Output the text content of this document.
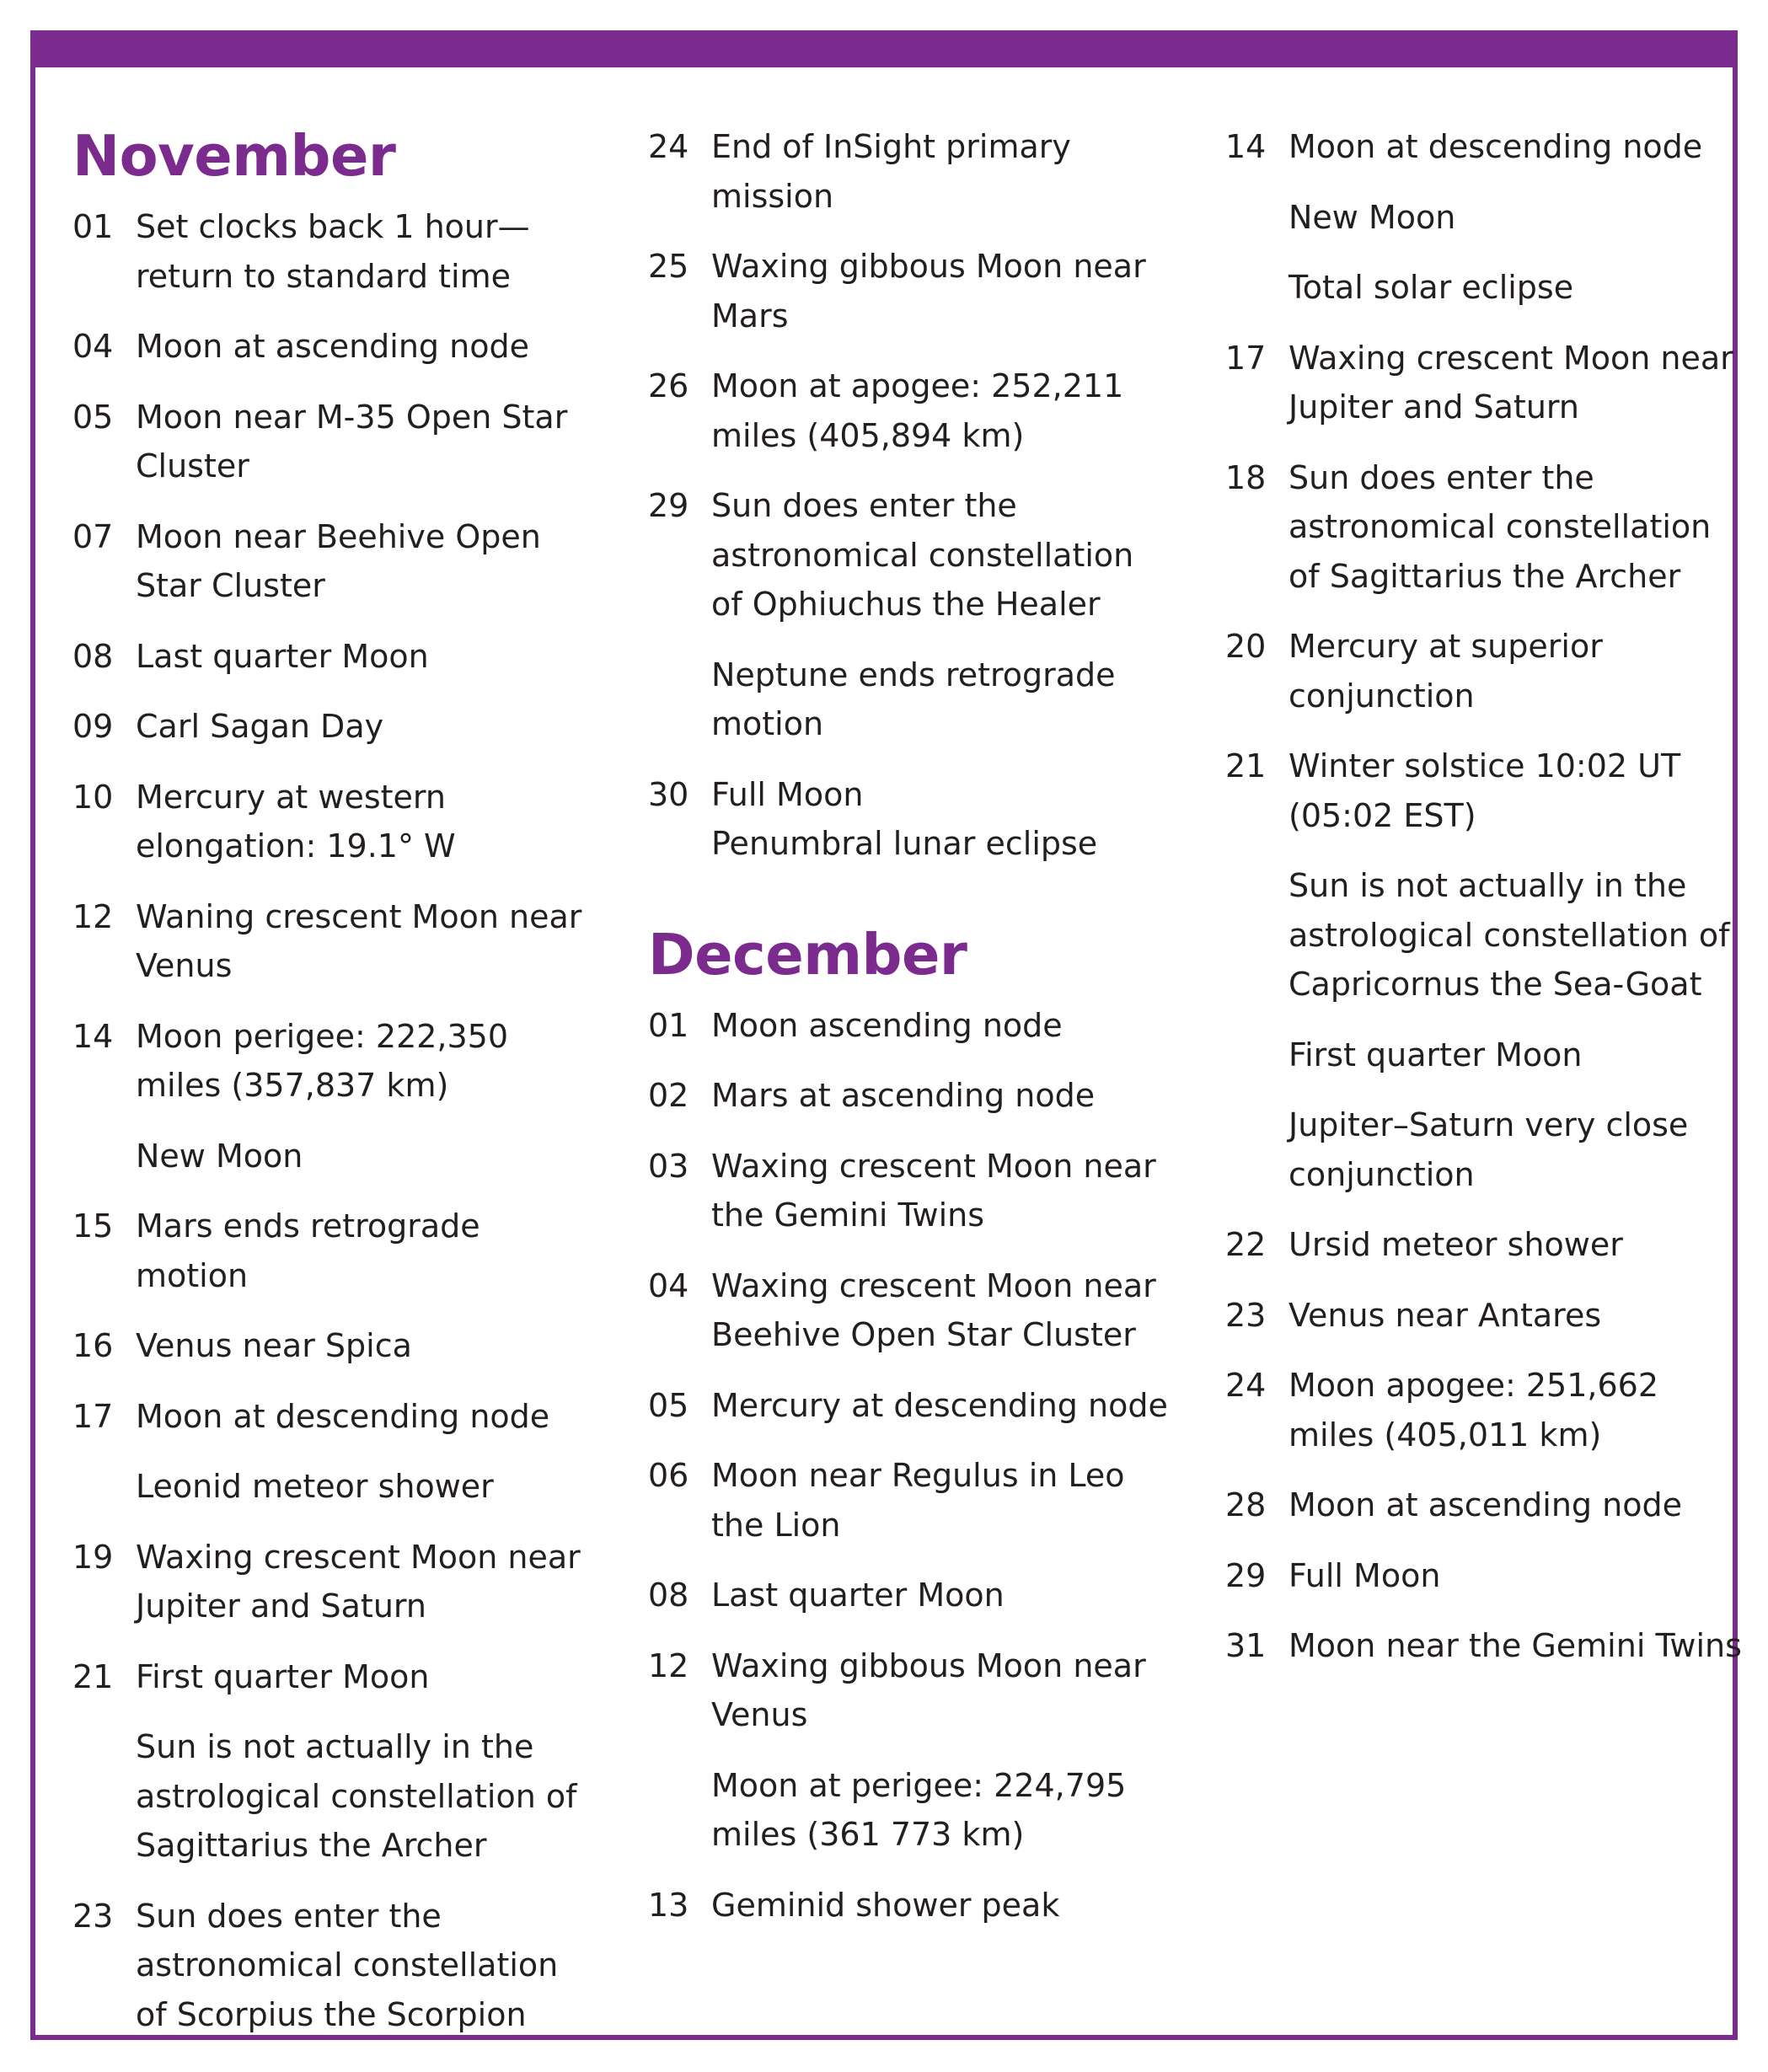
November
01 Set clocks back 1 hour—
return to standard time
04 Moon at ascending node
05 Moon near M-35 Open Star
Cluster
07 Moon near Beehive Open
Star Cluster
08 Last quarter Moon
09 Carl Sagan Day
10 Mercury at western
elongation: 19.1° W
12 Waning crescent Moon near
Venus
14 Moon perigee: 222,350
miles (357,837 km)
New Moon
15 Mars ends retrograde
motion
16 Venus near Spica
17 Moon at descending node
Leonid meteor shower
19 Waxing crescent Moon near
Jupiter and Saturn
21 First quarter Moon
Sun is not actually in the
astrological constellation of
Sagittarius the Archer
23 Sun does enter the
astronomical constellation
of Scorpius the Scorpion
24 End of InSight primary
mission
25 Waxing gibbous Moon near
Mars
26 Moon at apogee: 252,211
miles (405,894 km)
29 Sun does enter the
astronomical constellation
of Ophiuchus the Healer
Neptune ends retrograde
motion
30 Full Moon
Penumbral lunar eclipse
December
01 Moon ascending node
02 Mars at ascending node
03 Waxing crescent Moon near
the Gemini Twins
04 Waxing crescent Moon near
Beehive Open Star Cluster
05 Mercury at descending node
06 Moon near Regulus in Leo
the Lion
08 Last quarter Moon
12 Waxing gibbous Moon near
Venus
Moon at perigee: 224,795
miles (361 773 km)
13 Geminid shower peak
14 Moon at descending node
New Moon
Total solar eclipse
17 Waxing crescent Moon near
Jupiter and Saturn
18 Sun does enter the
astronomical constellation
of Sagittarius the Archer
20 Mercury at superior
conjunction
21 Winter solstice 10:02 UT
(05:02 EST)
Sun is not actually in the
astrological constellation of
Capricornus the Sea-Goat
First quarter Moon
Jupiter–Saturn very close
conjunction
22 Ursid meteor shower
23 Venus near Antares
24 Moon apogee: 251,662
miles (405,011 km)
28 Moon at ascending node
29 Full Moon
31 Moon near the Gemini Twins
